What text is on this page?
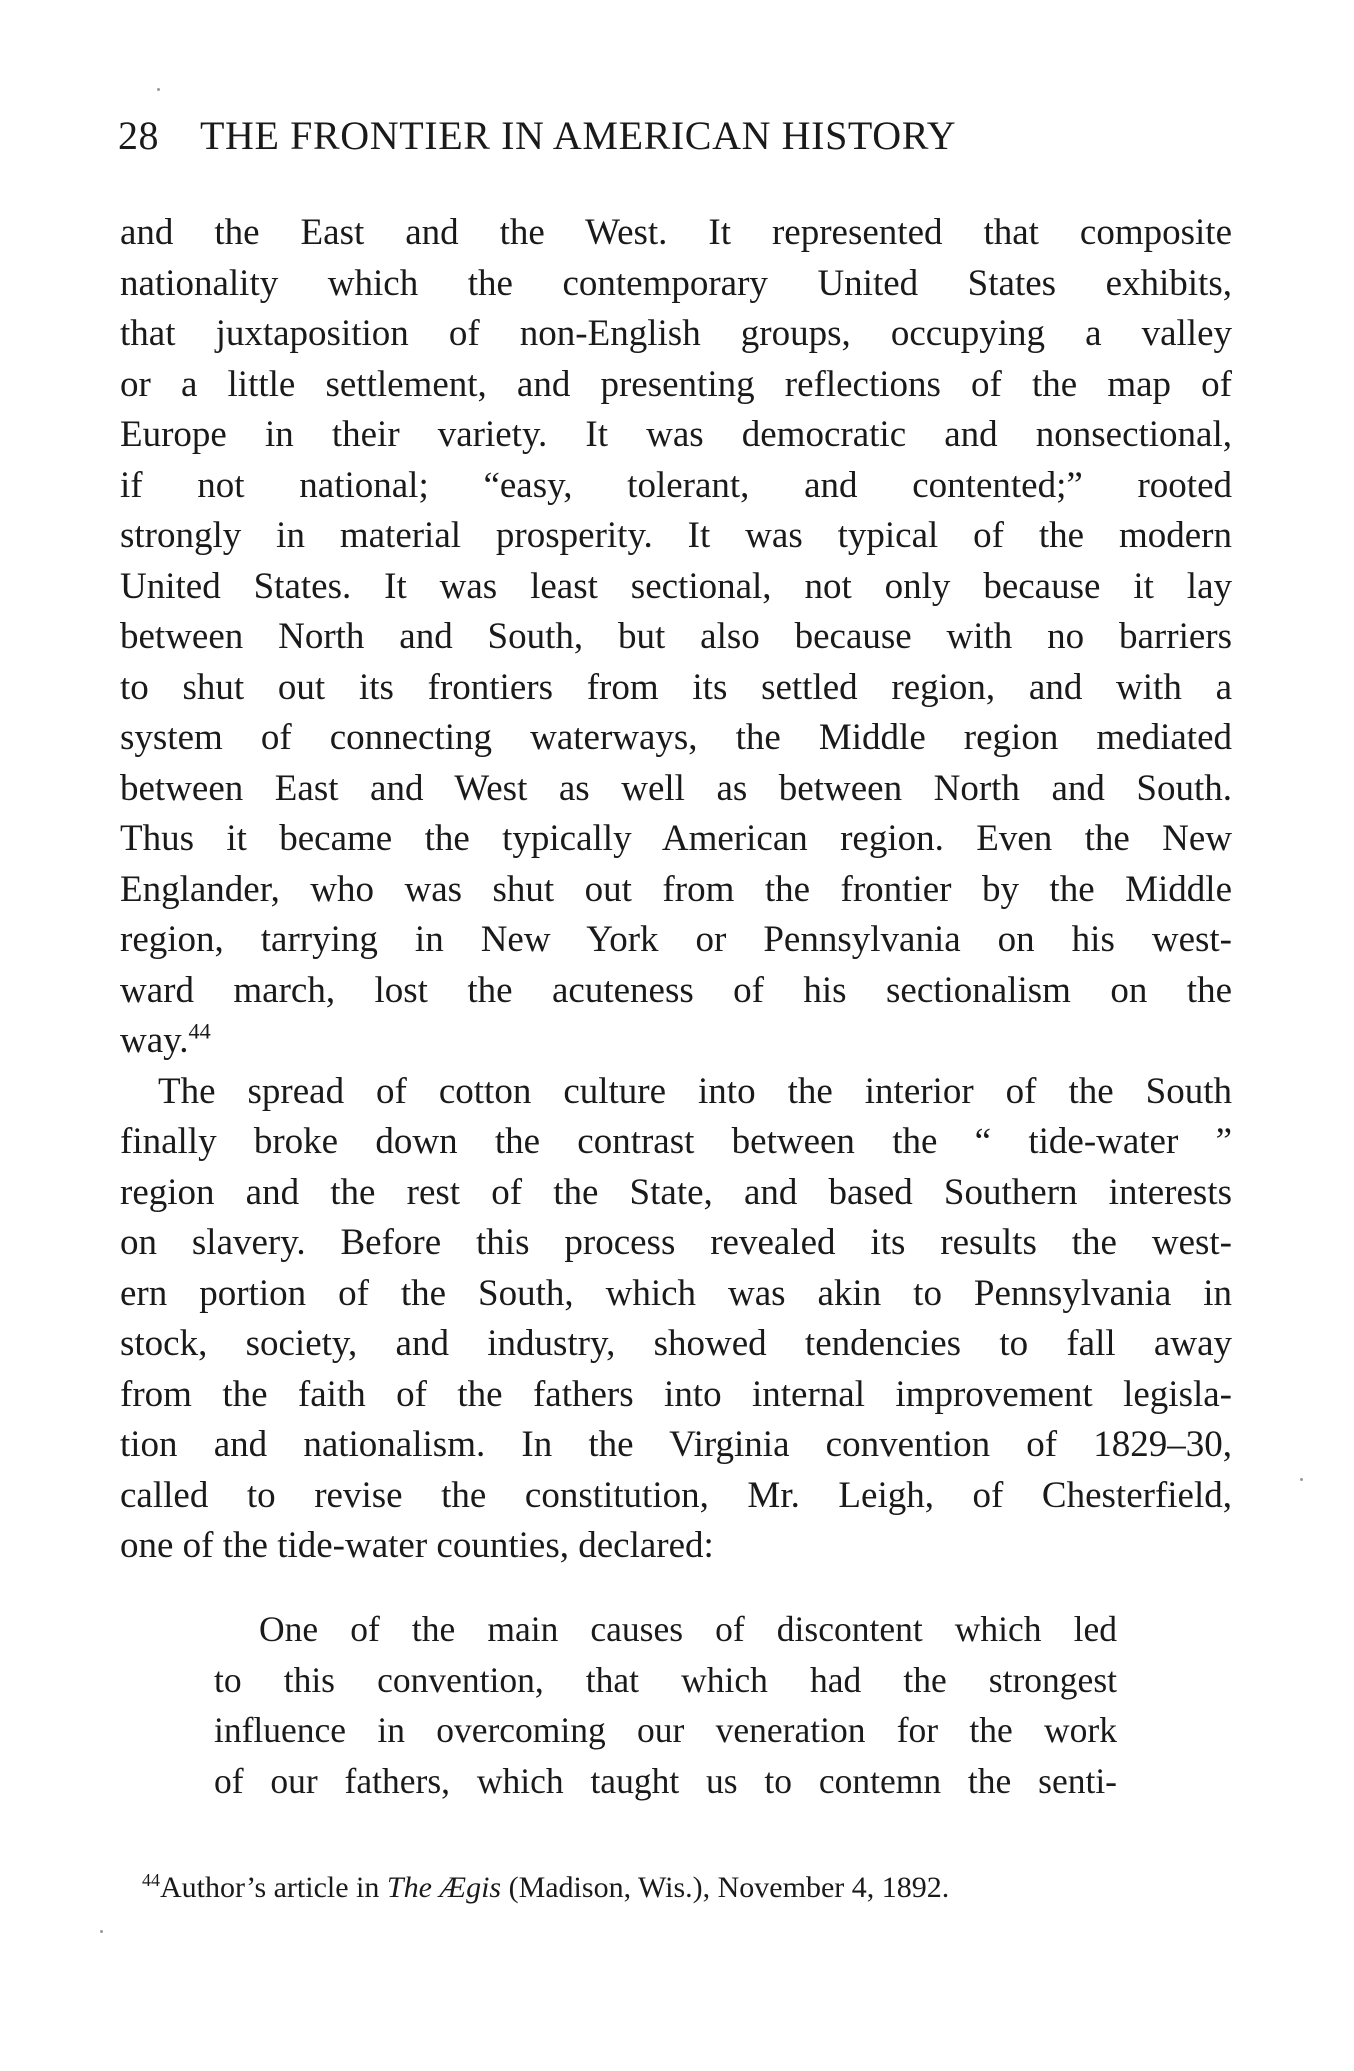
28 THE FRONTIER IN AMERICAN HISTORY
and the East and the West. It represented that composite
nationality which the contemporary United States exhibits,
that juxtaposition of non-English groups, occupying a valley
or a little settlement, and presenting reflections of the map of
Europe in their variety. It was democratic and nonsectional,
if not national; “easy, tolerant, and contented;” rooted
strongly in material prosperity. It was typical of the modern
United States. It was least sectional, not only because it lay
between North and South, but also because with no barriers
to shut out its frontiers from its settled region, and with a
system of connecting waterways, the Middle region mediated
between East and West as well as between North and South.
Thus it became the typically American region. Even the New
Englander, who was shut out from the frontier by the Middle
region, tarrying in New York or Pennsylvania on his west-
ward march, lost the acuteness of his sectionalism on the
way.$^{44}$
The spread of cotton culture into the interior of the South
finally broke down the contrast between the “ tide-water ”
region and the rest of the State, and based Southern interests
on slavery. Before this process revealed its results the west-
ern portion of the South, which was akin to Pennsylvania in
stock, society, and industry, showed tendencies to fall away
from the faith of the fathers into internal improvement legisla-
tion and nationalism. In the Virginia convention of 1829–30,
called to revise the constitution, Mr. Leigh, of Chesterfield,
one of the tide-water counties, declared:
One of the main causes of discontent which led
to this convention, that which had the strongest
influence in overcoming our veneration for the work
of our fathers, which taught us to contemn the senti-
$^{44}$Author’s article in The Ægis (Madison, Wis.), November 4, 1892.
